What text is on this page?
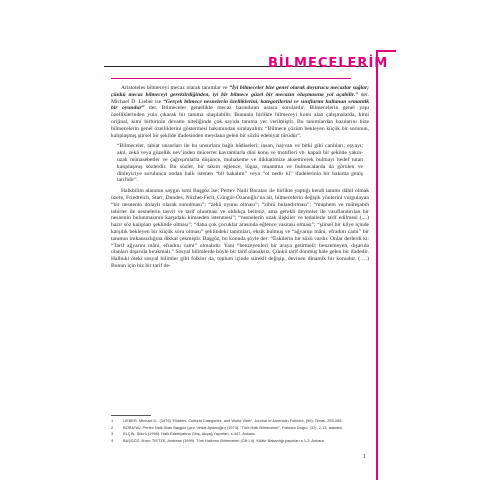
BİLMECELERİM

Aristoteles bilmeceyi mecaz olarak tanımlar ve “İyi bilmeceler bize genel olarak doyurucu mecazlar sağlar; çünkü mecaz bilmeceyi gerektirdiğinden, iyi bir bilmece güzel bir mecazın oluşmasına yol açabilir.” der. Michael D. Lieber ise “Gerçek bilmece nesnelerin özelliklerini, kategorilerini ve sınıflarını kullanan semantik bir oyundur” der. Bilmeceler genellikle mecaz barındıran ustaca sorulardır. Bilmecelerin genel yapı özelliklerinden yola çıkarak bir tanıma ulaşılabilir. Bununla birlikte bilmeceyi konu alan çalışmalarda, kimi orijinal, kimi birbirinin devamı niteliğinde çok sayıda tanıma yer verilmiştir. Bu tanımlardan bazılarını bize bilmecelerin genel özelliklerini göstermesi bakımından sıralayalım: “Bilmece çözüm bekleyen küçük bir sorunun, kalıplaşmış şiirsel bir şekilde ifadesinden meydana gelen bir sözlü edebiyat türüdür”.

“Bilmeceler, tabiat unsurları ile bu unsurlara bağlı hâdiseleri; insan, hayvan ve bitki gibi canlıları; eşyayı; akıl, zekâ veya güzellik nev’inden mücerret kavramlarla dinî konu ve motifleri vb. kapalı bir şekilde yakın-uzak münasebetler ve çağrışımlarla düşünce, muhakeme ve dikkatimize aksettirerek bulmayı hedef tutan kalıplaşmış sözlerdir. Bu sözler, bir takım eğlence, lügaz, muamma ve bulmacalarda da görülen ve dinleyiciye sorulunca ondan hallı istenen “bil bakalım” veya “ol nedir ki” ifadelerinin bir bakıma geniş tarifidir”.

Halkbilim alanının saygın ismi Başgöz ise; Pertev Naili Boratav ile birlikte yaptığı kendi tanımı dâhil olmak üzere, Friedreich, Starr, Dundes, Nüzhet-Ferit, Güngör-Özanoğlu’na ait, bilmecelerin değişik yönlerini vurgulayan “bir nesnenin dolaylı olarak sunulması”; “zekâ oyunu olması”; “zihni bulandırması”; “müphem ve müteşabih tabirler ile nesnelerin tasvir ve tarif olunması ve oldukça belirsiz, ama gerekli deyimler ile vasıflandırılan bir nesnenin bulunmasının karşıdaki kimseden istenmesi”; “nesnelerin uzak ilişkiler ve tedailerle tarif edilmesi (....) hazır söz kalıpları şeklinde olması”; “daha çok çocuklar arasında eğlence vasıtası olması”; “şiirsel bir kliye içinde karşılık bekleyen bir küçük soru olması” şeklindeki tanımları, eksik bulmuş ve “ağyarını mâni, efradını cami” bir tanımın imkansızlığına dikkat çekmiştir. Başgöz, bu konuda şöyle der: “Eskilerin bir sözü vardır. Onlar derlerdi ki: “Tarif ağyarını mâni, efradını cami” olmalıdır. Yani “benzeyenleri bir araya getirmeli; benzemeyen, dışarıda olanları dışarıda bırakmalı.” Sosyal bilimlerde böyle bir tarif olanaksız. Çünkü tarif donmuş hale gelen bir ifadedir. Halbuki öteki sosyal bilimler gibi folklor da, toplum içinde sürekli değişip, devinen dinamik bir konudur. (….) Bunun için biz bir tarif de-

1	LIEBER, Michael D., (1976) “Riddles, Cultural Categories, and World View”, Journal of American Folklore, (89), Texas, 255-265.
2	BORATAV, Pertev Naili-İlhan Başgöz (çev. Vedat Aydınoğlu) (1974). “Türk Halk Bilmeceleri”, Folklora Doğru, (37), 2-13, İstanbul.
3	ELÇİN, Şükrü (1998). Halk Edebiyatına Giriş, Akçağ Yayınları, s.447, Ankara.
4	BAŞGÖZ, İlhan; TIETZE, Andreas (1999). Türk Halkının Bilmeceleri (Cilt I-II), Kültür Bakanlığı yayınları s.1-2, Ankara.
1
